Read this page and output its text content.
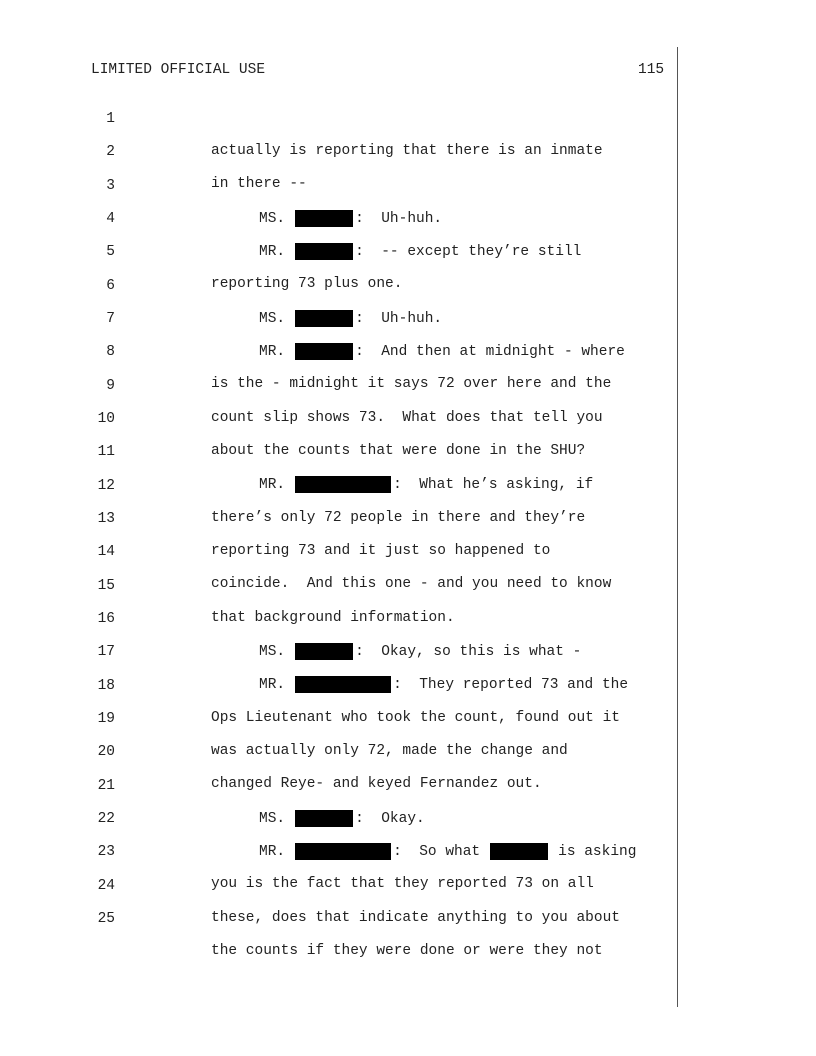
LIMITED OFFICIAL USE	115

1

actually is reporting that there is an inmate

2

in there --

3

MS.	:  Uh-huh.

4

MR.	:  -- except they’re still

5

reporting 73 plus one.

6

MS.	:  Uh-huh.

7

MR.	:  And then at midnight - where

8

is the - midnight it says 72 over here and the

9

count slip shows 73.  What does that tell you

10

about the counts that were done in the SHU?

11

MR.	:  What he’s asking, if

12

there’s only 72 people in there and they’re

13

reporting 73 and it just so happened to

14

coincide.  And this one - and you need to know

15

that background information.

16

MS.	:  Okay, so this is what -

17

MR.	:  They reported 73 and the

18

Ops Lieutenant who took the count, found out it

19

was actually only 72, made the change and

20

changed Reye- and keyed Fernandez out.

21

MS.	:  Okay.

22

MR.	:  So what	is asking

23

you is the fact that they reported 73 on all

24

these, does that indicate anything to you about

25

the counts if they were done or were they not
